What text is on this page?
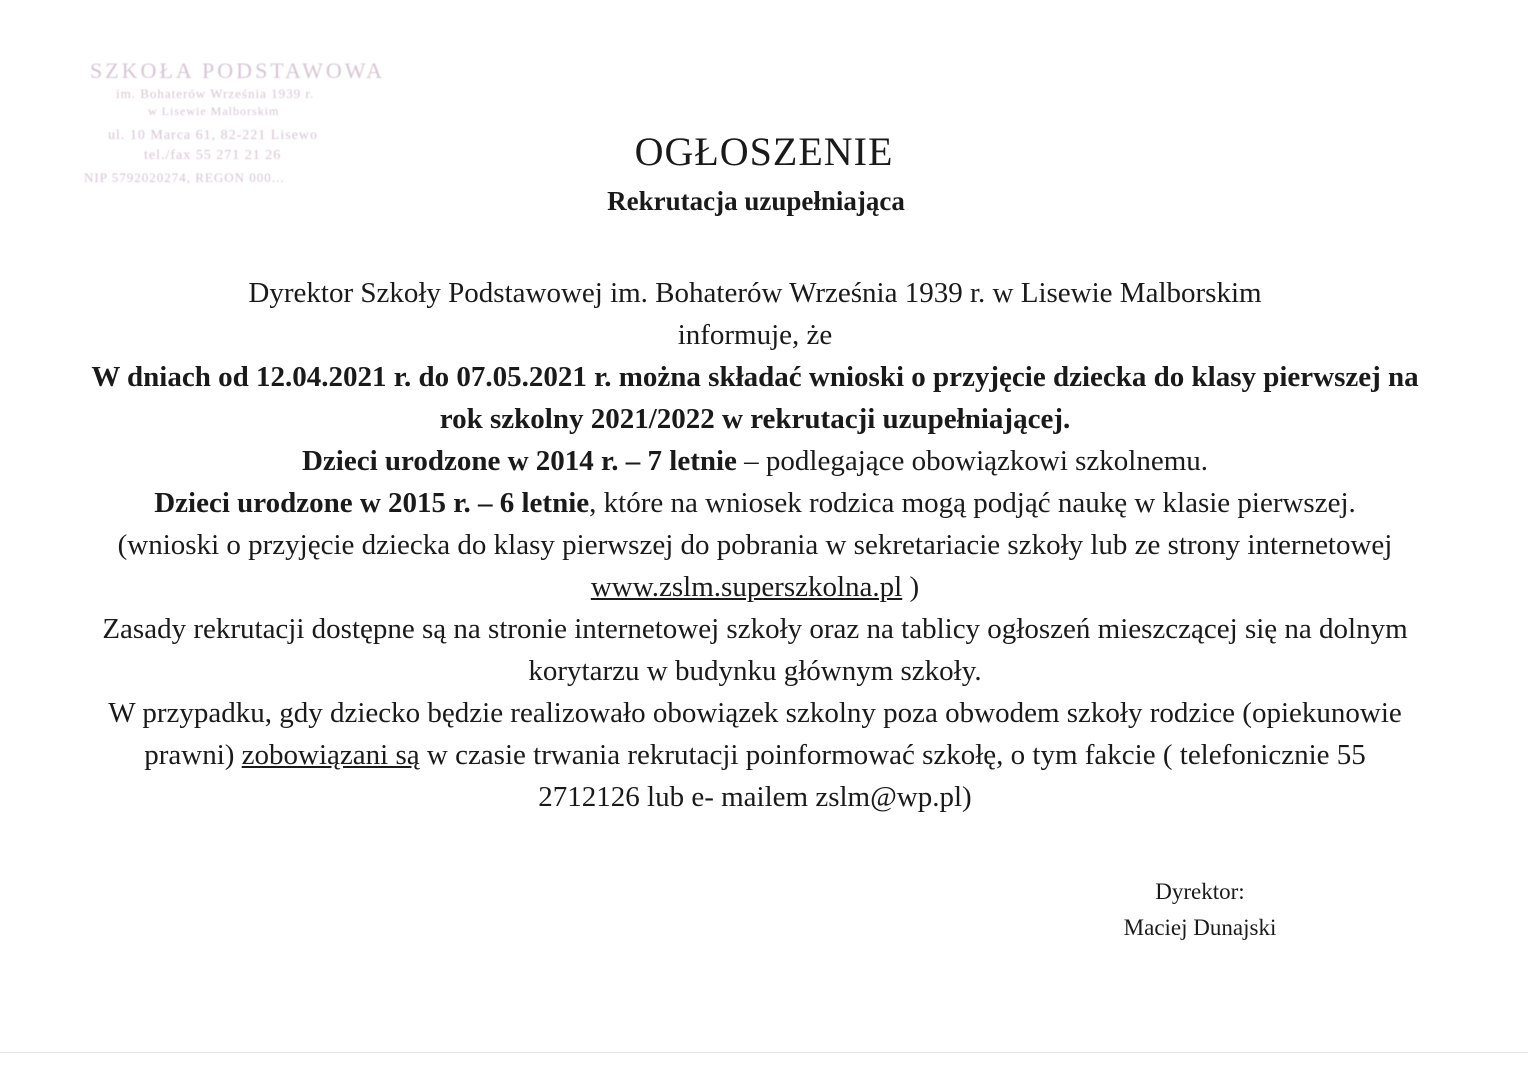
SZKOŁA PODSTAWOWA
im. Bohaterów Września 1939 r.
w Lisewie Malborskim
ul. 10 Marca 61, 82-221 Lisewo
tel./fax 55 271 21 26
NIP 5792020274, REGON 000...
OGŁOSZENIE
Rekrutacja uzupełniająca

Dyrektor Szkoły Podstawowej im. Bohaterów Września 1939 r. w Lisewie Malborskim

informuje, że

W dniach od 12.04.2021 r. do 07.05.2021 r. można składać wnioski o przyjęcie dziecka do klasy pierwszej na rok szkolny 2021/2022 w rekrutacji uzupełniającej.

Dzieci urodzone w 2014 r. – 7 letnie – podlegające obowiązkowi szkolnemu.

Dzieci urodzone w 2015 r. – 6 letnie, które na wniosek rodzica mogą podjąć naukę w klasie pierwszej.

(wnioski o przyjęcie dziecka do klasy pierwszej do pobrania w sekretariacie szkoły lub ze strony internetowej www.zslm.superszkolna.pl )

Zasady rekrutacji dostępne są na stronie internetowej szkoły oraz na tablicy ogłoszeń mieszczącej się na dolnym korytarzu w budynku głównym szkoły.

W przypadku, gdy dziecko będzie realizowało obowiązek szkolny poza obwodem szkoły rodzice (opiekunowie prawni) zobowiązani są w czasie trwania rekrutacji poinformować szkołę, o tym fakcie ( telefonicznie 55 2712126 lub e- mailem zslm@wp.pl)

Dyrektor:
Maciej Dunajski
